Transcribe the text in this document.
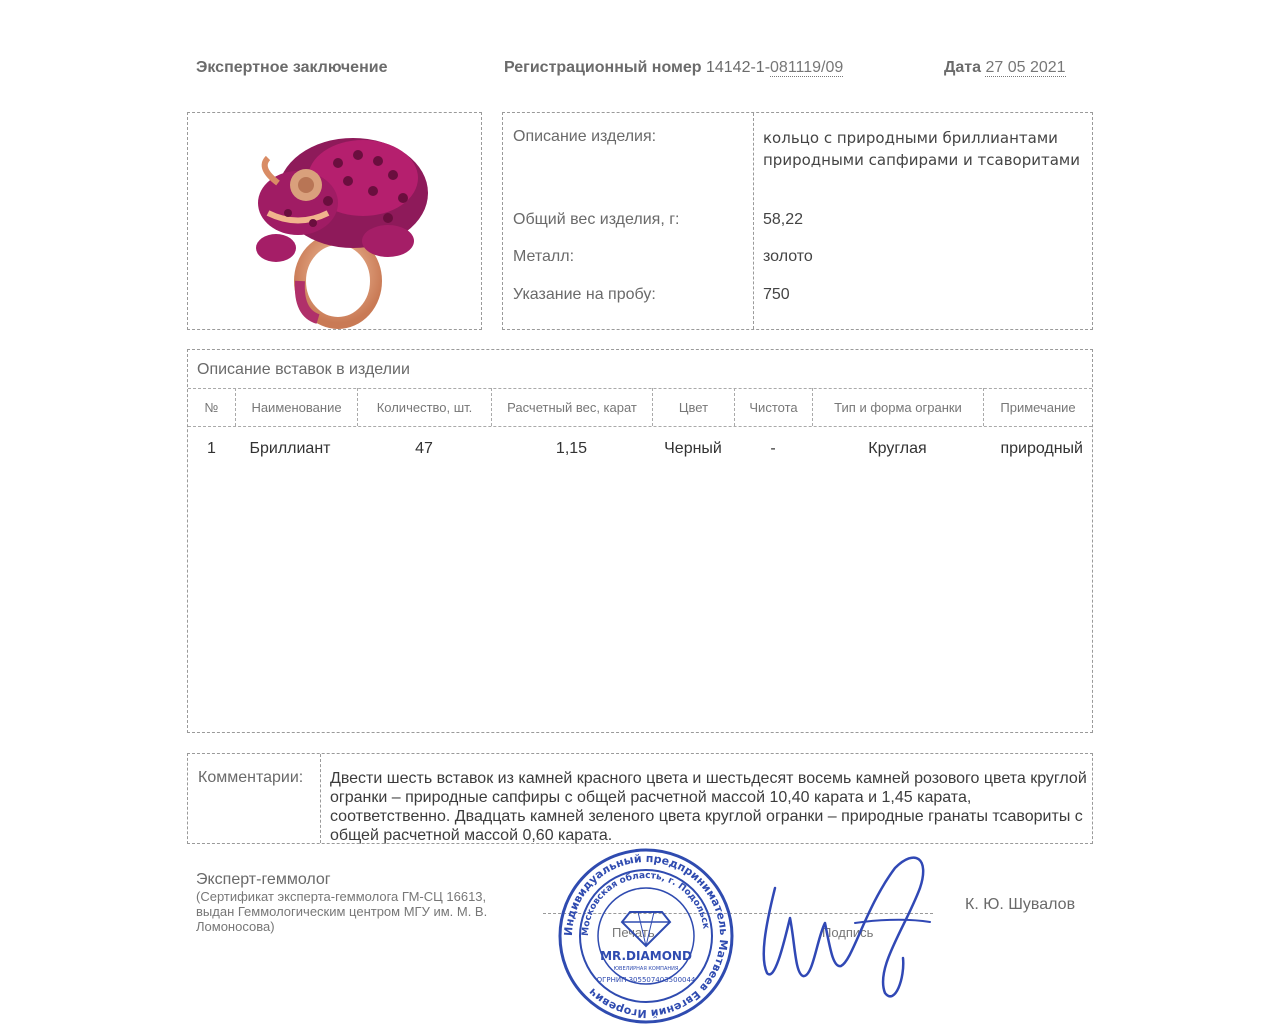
Экспертное заключение	Регистрационный номер 14142-1-081119/09	Дата 27 05 2021
Описание изделия:	кольцо с природными бриллиантами природными сапфирами и тсаворитами
Общий вес изделия, г:	58,22
Металл:	золото
Указание на пробу:	750
Описание вставок в изделии
№	Наименование	Количество, шт.	Расчетный вес, карат	Цвет	Чистота	Тип и форма огранки	Примечание
1	Бриллиант	47	1,15	Черный	-	Круглая	природный
Комментарии: Двести шесть вставок из камней красного цвета и шестьдесят восемь камней розового цвета круглой огранки – природные сапфиры с общей расчетной массой 10,40 карата и 1,45 карата, соответственно. Двадцать камней зеленого цвета круглой огранки – природные гранаты тсавориты с общей расчетной массой 0,60 карата.
Эксперт-геммолог
(Сертификат эксперта-геммолога ГМ-СЦ 16613, выдан Геммологическим центром МГУ им. М. В. Ломоносова)	Печать	Подпись
К. Ю. Шувалов
Индивидуальный предприниматель Матвеев Евгений Игоревич
Московская область, г. Подольск
MR.DIAMOND
ЮВЕЛИРНАЯ КОМПАНИЯ
ОГРНИП 305507403500044
